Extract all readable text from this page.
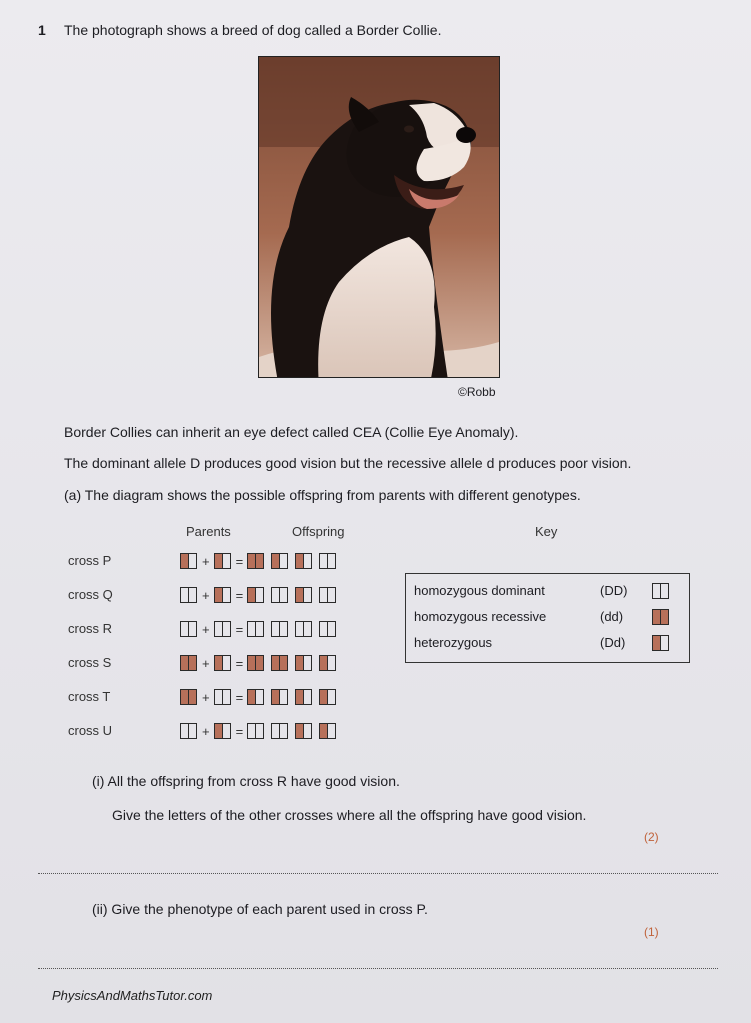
1 The photograph shows a breed of dog called a Border Collie.
©Robb
Border Collies can inherit an eye defect called CEA (Collie Eye Anomaly).
The dominant allele D produces good vision but the recessive allele d produces poor vision.
(a) The diagram shows the possible offspring from parents with different genotypes.
Parents	Offspring	Key
cross P	+ =
cross Q	+ =
cross R	+ =
cross S	+ =
cross T	+ =
cross U	+ =
homozygous dominant	(DD)
homozygous recessive	(dd)
heterozygous	(Dd)
(i) All the offspring from cross R have good vision.
Give the letters of the other crosses where all the offspring have good vision.
(2)
(ii) Give the phenotype of each parent used in cross P.
(1)
PhysicsAndMathsTutor.com
